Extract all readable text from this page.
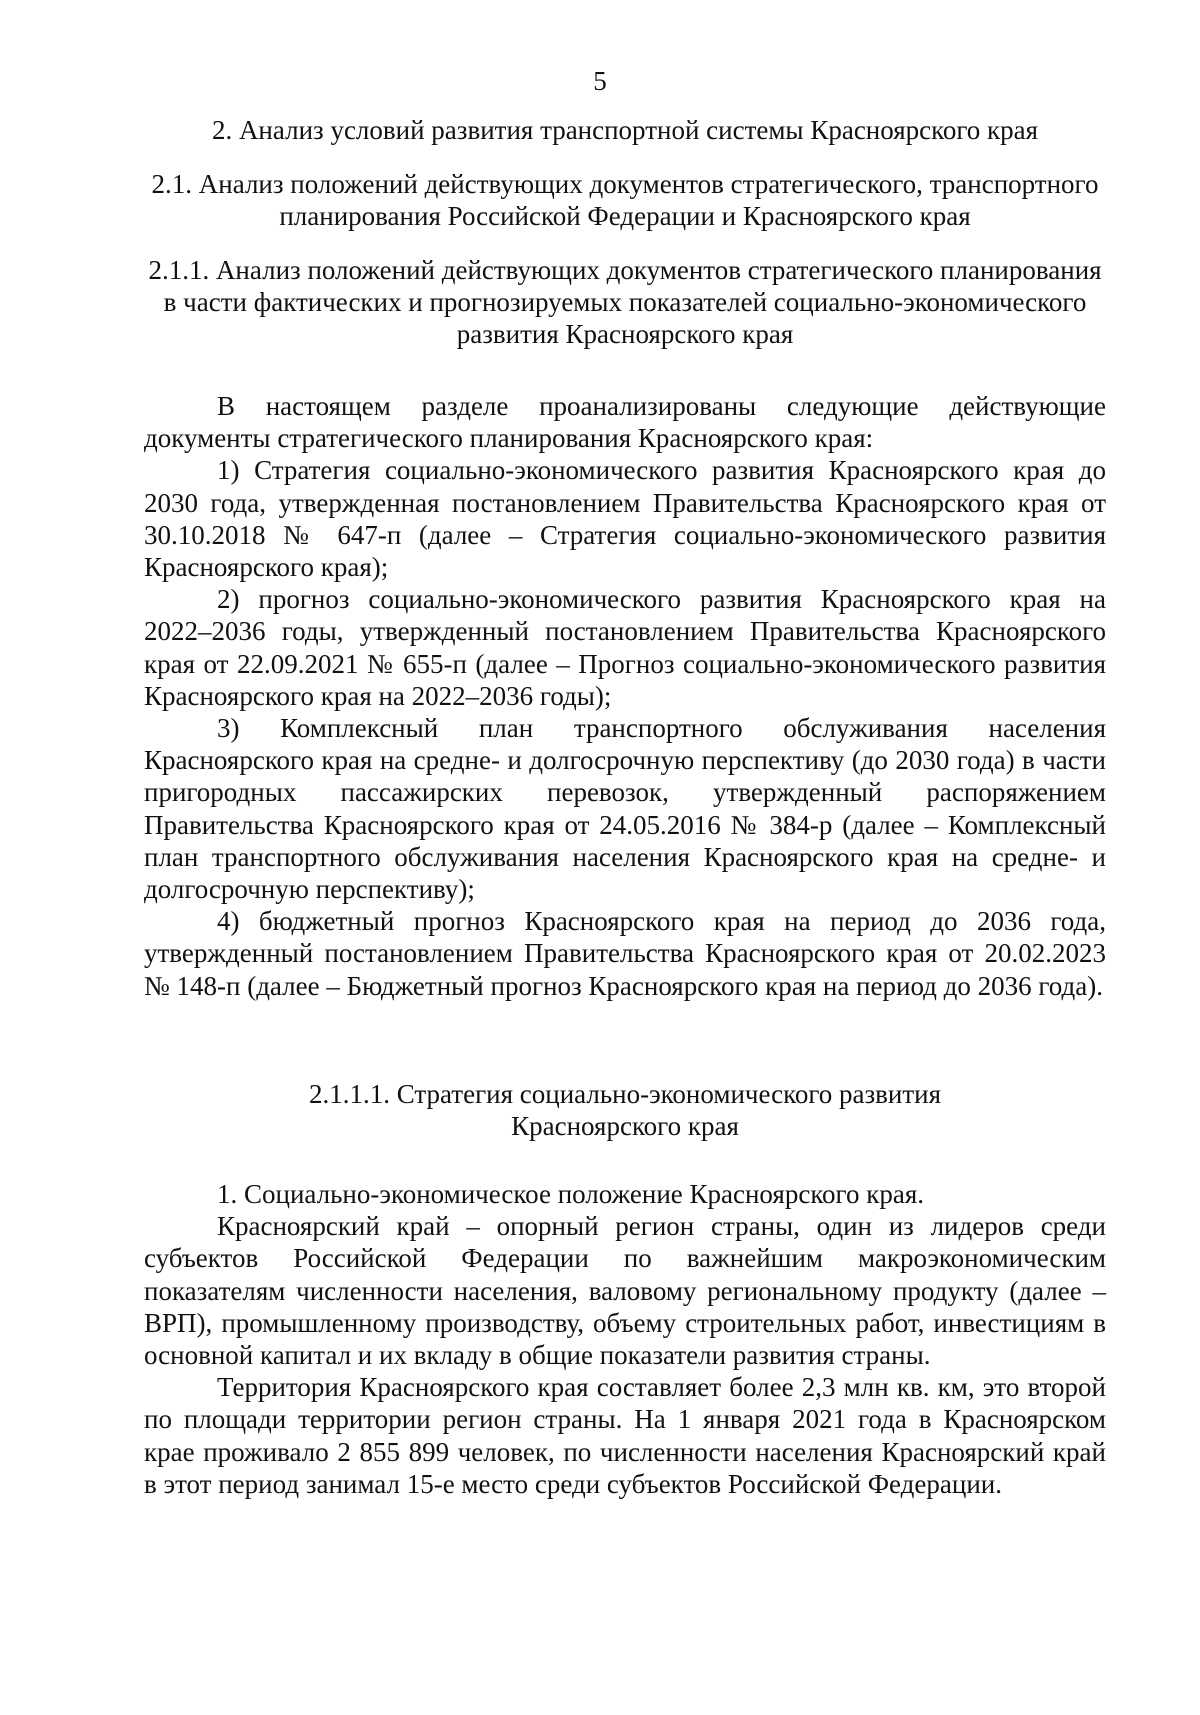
5
2. Анализ условий развития транспортной системы Красноярского края
2.1. Анализ положений действующих документов стратегического, транспортного планирования Российской Федерации и Красноярского края
2.1.1. Анализ положений действующих документов стратегического планирования в части фактических и прогнозируемых показателей социально-экономического развития Красноярского края

В настоящем разделе проанализированы следующие действующие документы стратегического планирования Красноярского края:

1) Стратегия социально-экономического развития Красноярского края до 2030 года, утвержденная постановлением Правительства Красноярского края от 30.10.2018 № 647-п (далее – Стратегия социально-экономического развития Красноярского края);

2) прогноз социально-экономического развития Красноярского края на 2022–2036 годы, утвержденный постановлением Правительства Красноярского края от 22.09.2021 № 655-п (далее – Прогноз социально-экономического развития Красноярского края на 2022–2036 годы);

3) Комплексный план транспортного обслуживания населения Красноярского края на средне- и долгосрочную перспективу (до 2030 года) в части пригородных пассажирских перевозок, утвержденный распоряжением Правительства Красноярского края от 24.05.2016 № 384-р (далее – Комплексный план транспортного обслуживания населения Красноярского края на средне- и долгосрочную перспективу);

4) бюджетный прогноз Красноярского края на период до 2036 года, утвержденный постановлением Правительства Красноярского края от 20.02.2023 № 148-п (далее – Бюджетный прогноз Красноярского края на период до 2036 года).

2.1.1.1. Стратегия социально-экономического развития
Красноярского края

1. Социально-экономическое положение Красноярского края.

Красноярский край – опорный регион страны, один из лидеров среди субъектов Российской Федерации по важнейшим макроэкономическим показателям численности населения, валовому региональному продукту (далее – ВРП), промышленному производству, объему строительных работ, инвестициям в основной капитал и их вкладу в общие показатели развития страны.

Территория Красноярского края составляет более 2,3 млн кв. км, это второй по площади территории регион страны. На 1 января 2021 года в Красноярском крае проживало 2 855 899 человек, по численности населения Красноярский край в этот период занимал 15-е место среди субъектов Российской Федерации.
